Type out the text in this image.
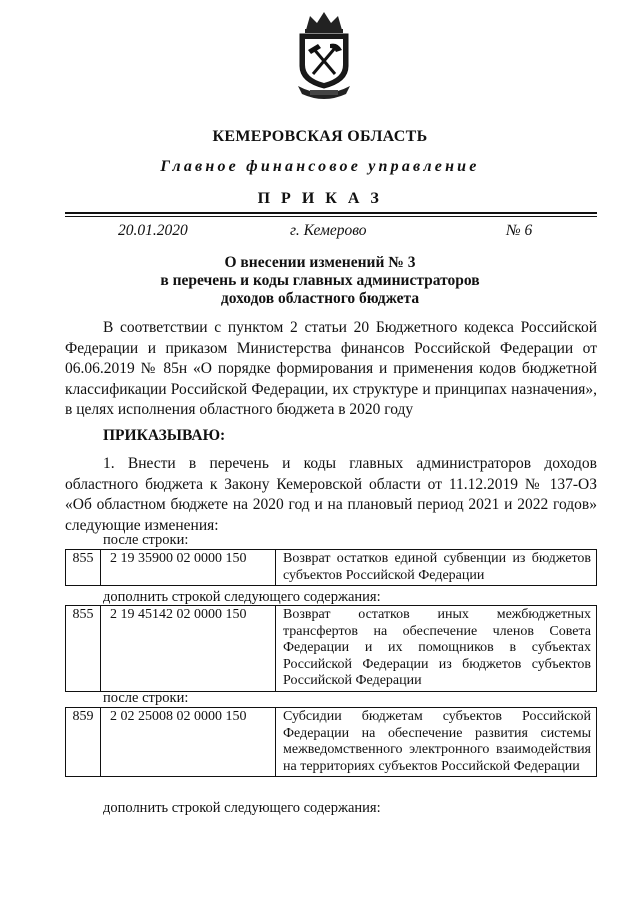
КЕМЕРОВСКАЯ ОБЛАСТЬ
Главное финансовое управление
П Р И К А З
20.01.2020	г. Кемерово	№ 6
О внесении изменений № 3
в перечень и коды главных администраторов
доходов областного бюджета
В соответствии с пунктом 2 статьи 20 Бюджетного кодекса Российской Федерации и приказом Министерства финансов Российской Федерации от 06.06.2019 № 85н «О порядке формирования и применения кодов бюджетной классификации Российской Федерации, их структуре и принципах назначения», в целях исполнения областного бюджета в 2020 году
ПРИКАЗЫВАЮ:
1. Внести в перечень и коды главных администраторов доходов областного бюджета к Закону Кемеровской области от 11.12.2019 № 137-ОЗ «Об областном бюджете на 2020 год и на плановый период 2021 и 2022 годов» следующие изменения:
после строки:
855	2 19 35900 02 0000 150	Возврат остатков единой субвенции из бюджетов субъектов Российской Федерации
дополнить строкой следующего содержания:
855	2 19 45142 02 0000 150	Возврат остатков иных межбюджетных трансфертов на обеспечение членов Совета Федерации и их помощников в субъектах Российской Федерации из бюджетов субъектов Российской Федерации
после строки:
859	2 02 25008 02 0000 150	Субсидии бюджетам субъектов Российской Федерации на обеспечение развития системы межведомственного электронного взаимодействия на территориях субъектов Российской Федерации
дополнить строкой следующего содержания:
